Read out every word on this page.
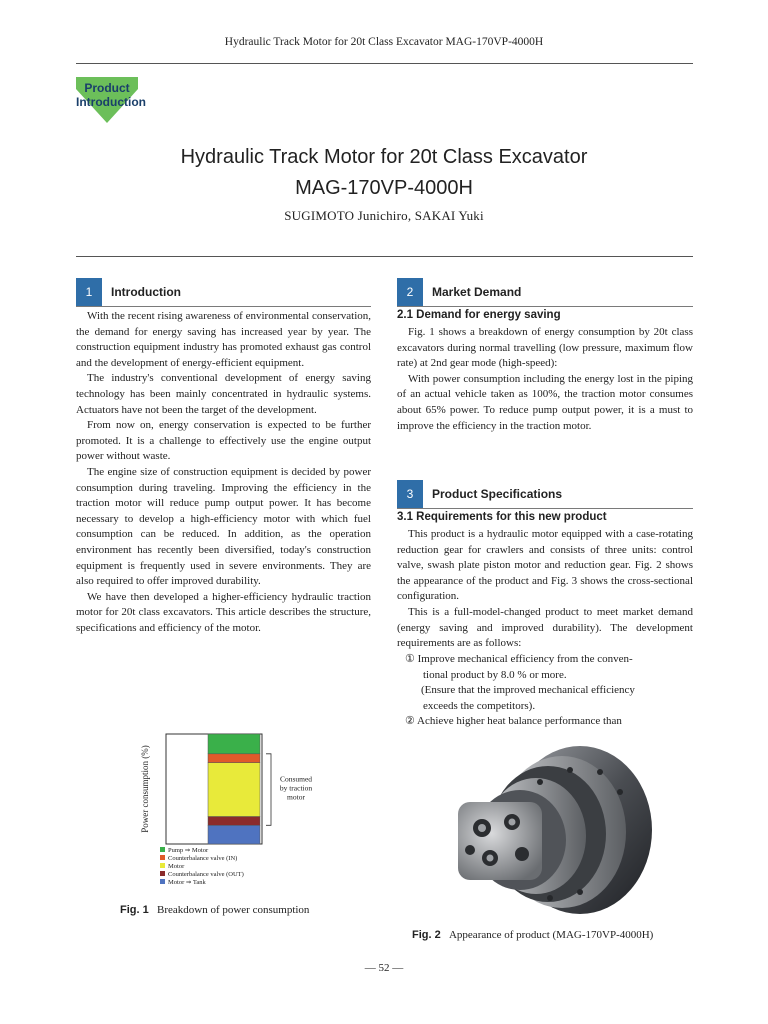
Hydraulic Track Motor for 20t Class Excavator MAG-170VP-4000H
Product
Introduction
Hydraulic Track Motor for 20t Class Excavator
MAG-170VP-4000H
SUGIMOTO Junichiro, SAKAI Yuki
1	Introduction

With the recent rising awareness of environmental conservation, the demand for energy saving has increased year by year. The construction equipment industry has promoted exhaust gas control and the development of energy-efficient equipment.

The industry's conventional development of energy saving technology has been mainly concentrated in hydraulic systems. Actuators have not been the target of the development.

From now on, energy conservation is expected to be further promoted. It is a challenge to effectively use the engine output power without waste.

The engine size of construction equipment is decided by power consumption during traveling. Improving the efficiency in the traction motor will reduce pump output power. It has become necessary to develop a high-efficiency motor with which fuel consumption can be reduced. In addition, as the operation environment has recently been diversified, today's construction equipment is frequently used in severe environments. They are also required to offer improved durability.

We have then developed a higher-efficiency hydraulic traction motor for 20t class excavators. This article describes the structure, specifications and efficiency of the motor.

Power consumption (%)	Consumed
by traction
motor
Pump ⇒ Motor
Counterbalance valve (IN)
Motor
Counterbalance valve (OUT)
Motor ⇒ Tank
Fig. 1 Breakdown of power consumption
2	Market Demand
2.1 Demand for energy saving

Fig. 1 shows a breakdown of energy consumption by 20t class excavators during normal travelling (low pressure, maximum flow rate) at 2nd gear mode (high-speed):

With power consumption including the energy lost in the piping of an actual vehicle taken as 100%, the traction motor consumes about 65% power. To reduce pump output power, it is a must to improve the efficiency in the traction motor.

3	Product Specifications
3.1 Requirements for this new product

This product is a hydraulic motor equipped with a case-rotating reduction gear for crawlers and consists of three units: control valve, swash plate piston motor and reduction gear. Fig. 2 shows the appearance of the product and Fig. 3 shows the cross-sectional configuration.

This is a full-model-changed product to meet market demand (energy saving and improved durability). The development requirements are as follows:

① Improve mechanical efficiency from the conven-
tional product by 8.0 % or more.
(Ensure that the improved mechanical efficiency
exceeds the competitors).
② Achieve higher heat balance performance than
Fig. 2 Appearance of product (MAG-170VP-4000H)
— 52 —
